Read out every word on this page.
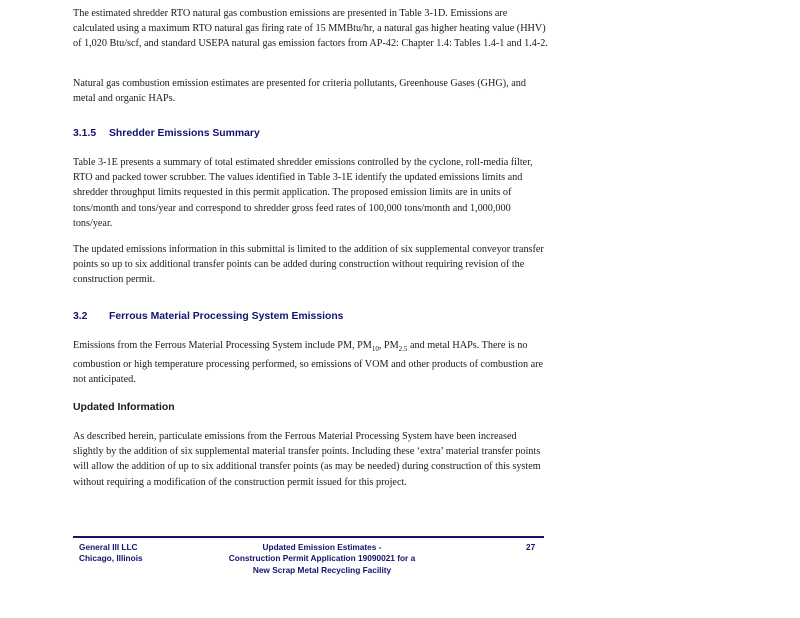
The estimated shredder RTO natural gas combustion emissions are presented in Table 3-1D. Emissions are calculated using a maximum RTO natural gas firing rate of 15 MMBtu/hr, a natural gas higher heating value (HHV) of 1,020 Btu/scf, and standard USEPA natural gas emission factors from AP-42: Chapter 1.4: Tables 1.4-1 and 1.4-2.

Natural gas combustion emission estimates are presented for criteria pollutants, Greenhouse Gases (GHG), and metal and organic HAPs.

3.1.5 Shredder Emissions Summary

Table 3-1E presents a summary of total estimated shredder emissions controlled by the cyclone, roll-media filter, RTO and packed tower scrubber. The values identified in Table 3-1E identify the updated emissions limits and shredder throughput limits requested in this permit application. The proposed emission limits are in units of tons/month and tons/year and correspond to shredder gross feed rates of 100,000 tons/month and 1,000,000 tons/year.

The updated emissions information in this submittal is limited to the addition of six supplemental conveyor transfer points so up to six additional transfer points can be added during construction without requiring revision of the construction permit.

3.2 Ferrous Material Processing System Emissions

Emissions from the Ferrous Material Processing System include PM, $PM_{10}$, $PM_{2.5}$ and metal HAPs. There is no combustion or high temperature processing performed, so emissions of VOM and other products of combustion are not anticipated.

Updated Information

As described herein, particulate emissions from the Ferrous Material Processing System have been increased slightly by the addition of six supplemental material transfer points. Including these ‘extra’ material transfer points will allow the addition of up to six additional transfer points (as may be needed) during construction of this system without requiring a modification of the construction permit issued for this project.

General III LLC
Chicago, Illinois
Updated Emission Estimates -
Construction Permit Application 19090021 for a
New Scrap Metal Recycling Facility
27
